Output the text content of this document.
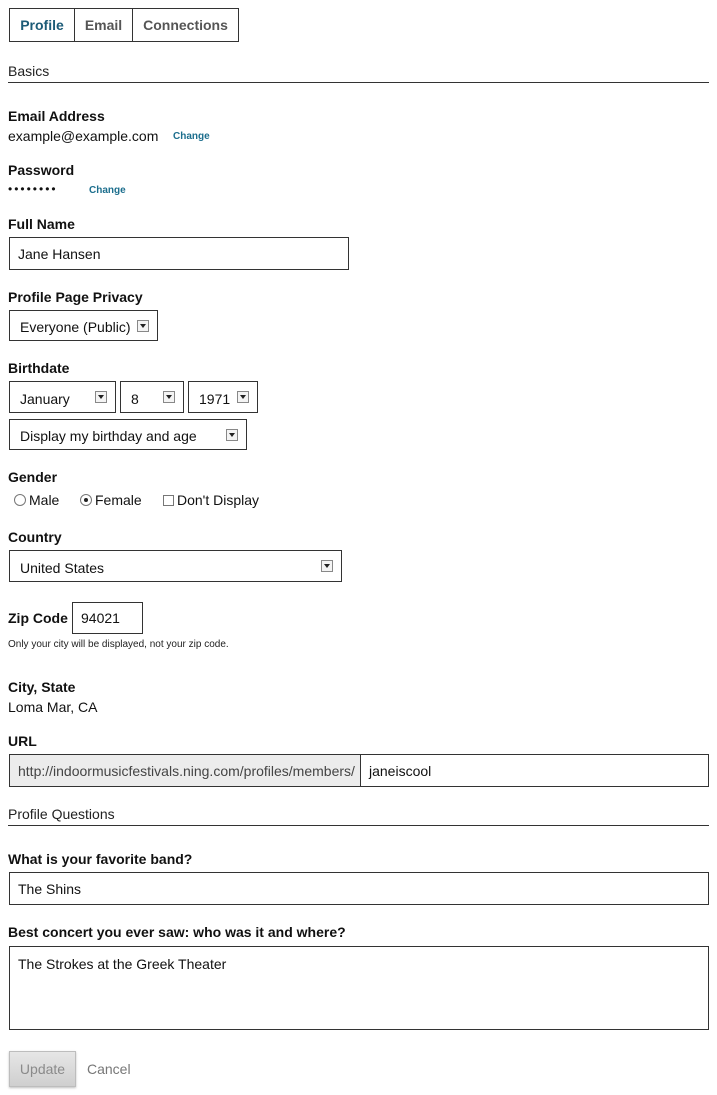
Profile	Email	Connections
Basics
Email Address
example@example.com Change
Password
••••••••	Change
Full Name
Jane Hansen
Profile Page Privacy
Everyone (Public)
Birthdate
January	8	1971
Display my birthday and age
Gender
Male	Female	Don't Display
Country
United States
Zip Code 94021
Only your city will be displayed, not your zip code.
City, State
Loma Mar, CA
URL
http://indoormusicfestivals.ning.com/profiles/members/	janeiscool
Profile Questions
What is your favorite band?
The Shins
Best concert you ever saw: who was it and where?
The Strokes at the Greek Theater
Update	Cancel
